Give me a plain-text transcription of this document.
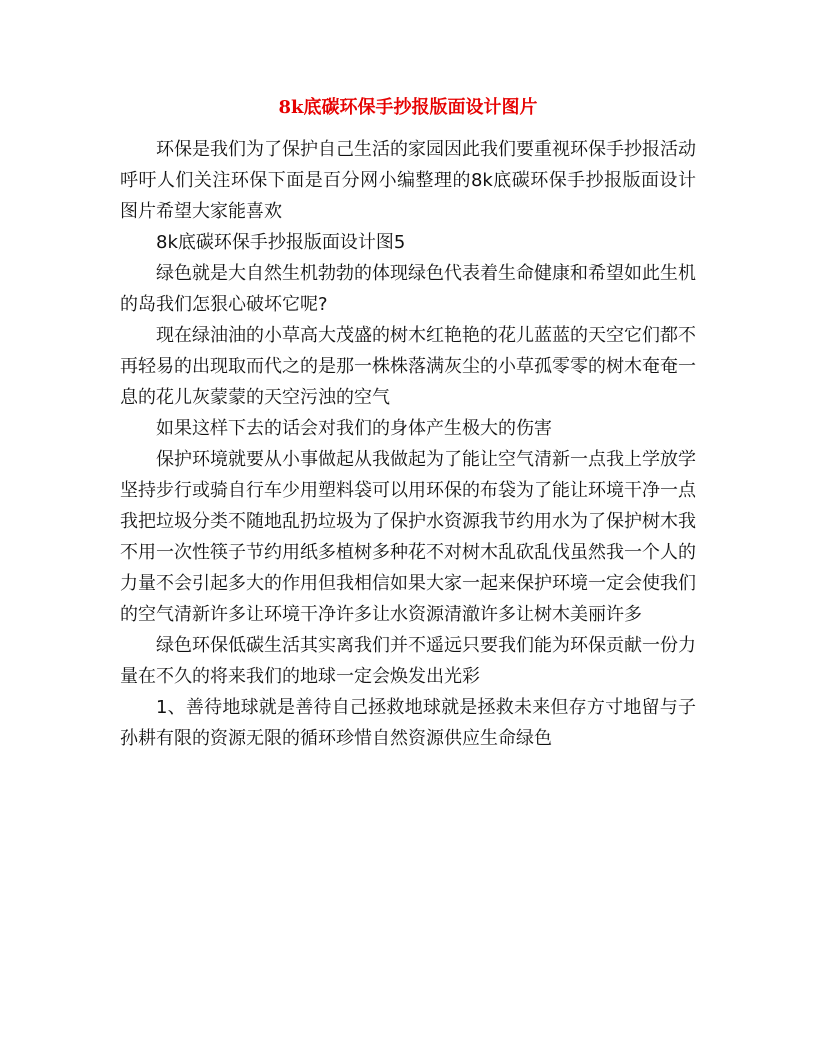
8k底碳环保手抄报版面设计图片

环保是我们为了保护自己生活的家园因此我们要重视环保手抄报活动呼吁人们关注环保下面是百分网小编整理的8k底碳环保手抄报版面设计图片希望大家能喜欢

8k底碳环保手抄报版面设计图5

绿色就是大自然生机勃勃的体现绿色代表着生命健康和希望如此生机的岛我们怎狠心破坏它呢?

现在绿油油的小草高大茂盛的树木红艳艳的花儿蓝蓝的天空它们都不再轻易的出现取而代之的是那一株株落满灰尘的小草孤零零的树木奄奄一息的花儿灰蒙蒙的天空污浊的空气

如果这样下去的话会对我们的身体产生极大的伤害

保护环境就要从小事做起从我做起为了能让空气清新一点我上学放学坚持步行或骑自行车少用塑料袋可以用环保的布袋为了能让环境干净一点我把垃圾分类不随地乱扔垃圾为了保护水资源我节约用水为了保护树木我不用一次性筷子节约用纸多植树多种花不对树木乱砍乱伐虽然我一个人的力量不会引起多大的作用但我相信如果大家一起来保护环境一定会使我们的空气清新许多让环境干净许多让水资源清澈许多让树木美丽许多

绿色环保低碳生活其实离我们并不遥远只要我们能为环保贡献一份力量在不久的将来我们的地球一定会焕发出光彩

1、善待地球就是善待自己拯救地球就是拯救未来但存方寸地留与子孙耕有限的资源无限的循环珍惜自然资源供应生命绿色
